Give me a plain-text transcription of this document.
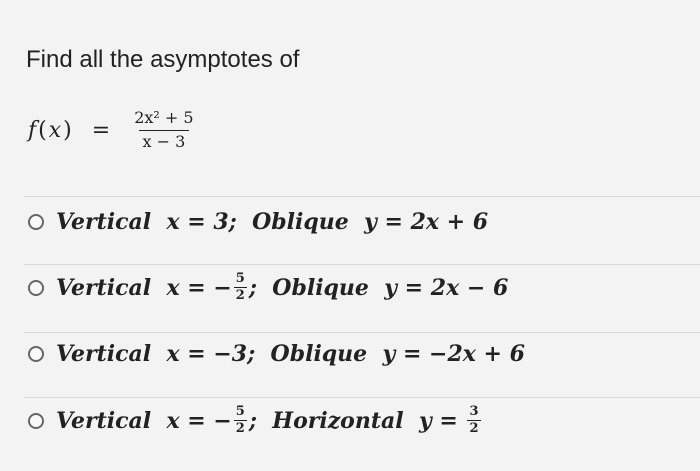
Find all the asymptotes of
f ( x ) = $\frac{\text{2x² + 5}}{x - 3}$
Vertical x = 3; Oblique y = 2x + 6
Vertical  x = − $\frac{5}{2}$ ;  Oblique  y = 2x − 6
Vertical x = −3; Oblique y = −2x + 6
Vertical  x = − $\frac{5}{2}$ ;  Horizontal  $y = \frac{3}{2}$
